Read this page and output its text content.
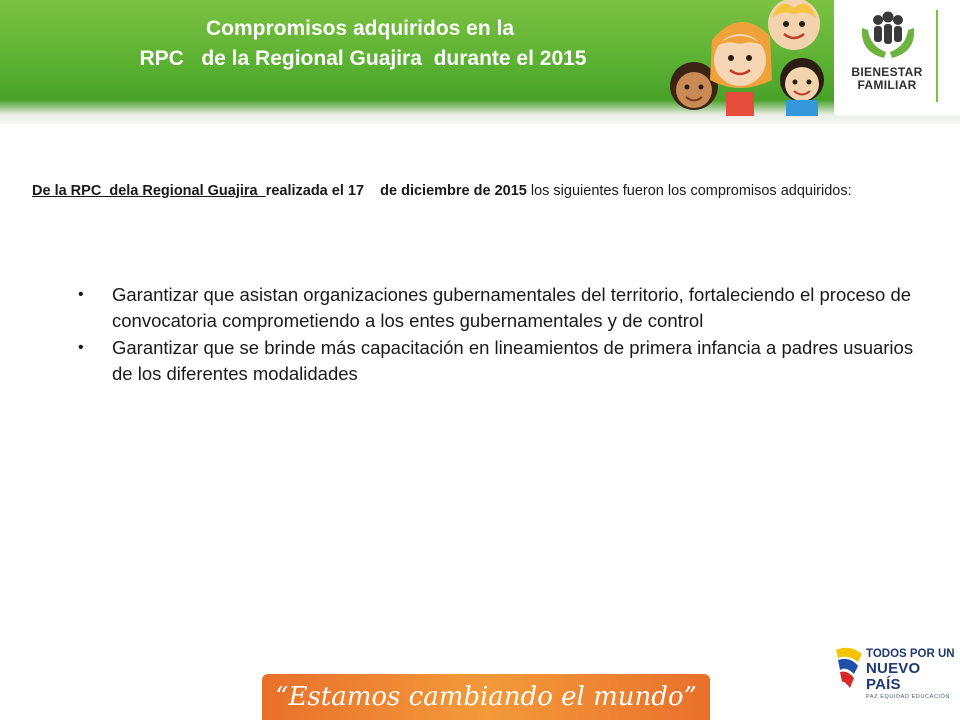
Compromisos adquiridos en la
RPC   de la Regional Guajira  durante el 2015
BIENESTAR
FAMILIAR
De la RPC  dela Regional Guajira  realizada el 17    de diciembre de 2015 los siguientes fueron los compromisos adquiridos:
• Garantizar que asistan organizaciones gubernamentales del territorio, fortaleciendo el proceso de convocatoria comprometiendo a los entes gubernamentales y de control
• Garantizar que se brinde más capacitación en lineamientos de primera infancia a padres usuarios de los diferentes modalidades
“Estamos cambiando el mundo”
TODOS POR UN
NUEVO PAÍS
PAZ EQUIDAD EDUCACIÓN
